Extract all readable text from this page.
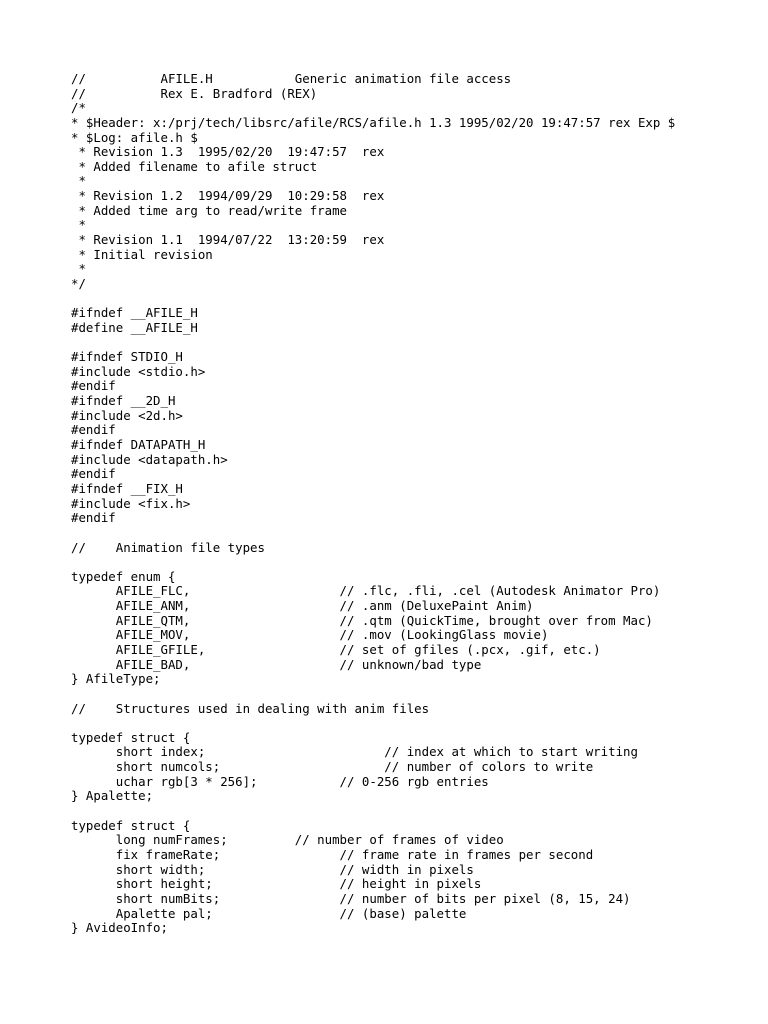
//          AFILE.H           Generic animation file access
//          Rex E. Bradford (REX)
/*
* $Header: x:/prj/tech/libsrc/afile/RCS/afile.h 1.3 1995/02/20 19:47:57 rex Exp $
* $Log: afile.h $
* Revision 1.3  1995/02/20  19:47:57  rex
* Added filename to afile struct
*
* Revision 1.2  1994/09/29  10:29:58  rex
* Added time arg to read/write frame
*
* Revision 1.1  1994/07/22  13:20:59  rex
* Initial revision
*
*/
#ifndef __AFILE_H
#define __AFILE_H
#ifndef STDIO_H
#include <stdio.h>
#endif
#ifndef __2D_H
#include <2d.h>
#endif
#ifndef DATAPATH_H
#include <datapath.h>
#endif
#ifndef __FIX_H
#include <fix.h>
#endif
//    Animation file types
typedef enum {
AFILE_FLC,                    // .flc, .fli, .cel (Autodesk Animator Pro)
AFILE_ANM,                    // .anm (DeluxePaint Anim)
AFILE_QTM,                    // .qtm (QuickTime, brought over from Mac)
AFILE_MOV,                    // .mov (LookingGlass movie)
AFILE_GFILE,                  // set of gfiles (.pcx, .gif, etc.)
AFILE_BAD,                    // unknown/bad type
} AfileType;
//    Structures used in dealing with anim files
typedef struct {
short index;                        // index at which to start writing
short numcols;                      // number of colors to write
uchar rgb[3 * 256];           // 0-256 rgb entries
} Apalette;
typedef struct {
long numFrames;         // number of frames of video
fix frameRate;                // frame rate in frames per second
short width;                  // width in pixels
short height;                 // height in pixels
short numBits;                // number of bits per pixel (8, 15, 24)
Apalette pal;                 // (base) palette
} AvideoInfo;
